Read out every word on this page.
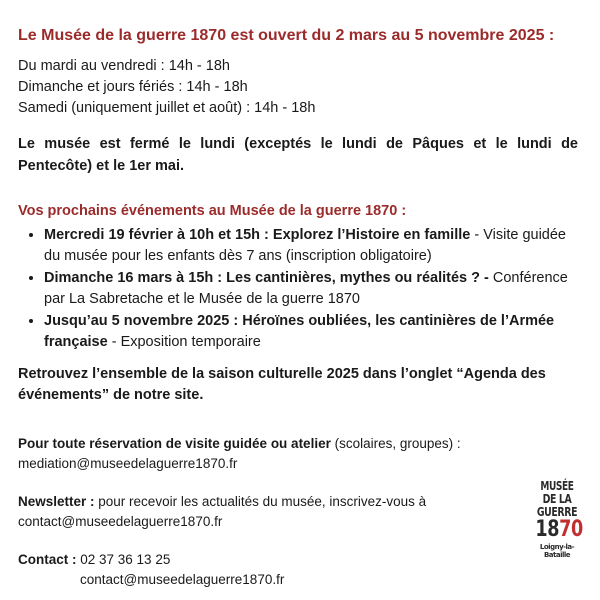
Le Musée de la guerre 1870 est ouvert du 2 mars au 5 novembre 2025 :
Du mardi au vendredi : 14h - 18h
Dimanche et jours fériés : 14h - 18h
Samedi (uniquement juillet et août) : 14h - 18h
Le musée est fermé le lundi (exceptés le lundi de Pâques et le lundi de Pentecôte) et le 1er mai.
Vos prochains événements au Musée de la guerre 1870 :
• Mercredi 19 février à 10h et 15h : Explorez l’Histoire en famille - Visite guidée du musée pour les enfants dès 7 ans (inscription obligatoire)
• Dimanche 16 mars à 15h : Les cantinières, mythes ou réalités ? - Conférence par La Sabretache et le Musée de la guerre 1870
• Jusqu’au 5 novembre 2025 : Héroïnes oubliées, les cantinières de l’Armée française - Exposition temporaire
Retrouvez l’ensemble de la saison culturelle 2025 dans l’onglet “Agenda des événements” de notre site.
Pour toute réservation de visite guidée ou atelier (scolaires, groupes) :
mediation@museedelaguerre1870.fr
Newsletter : pour recevoir les actualités du musée, inscrivez-vous à
contact@museedelaguerre1870.fr
Contact : 02 37 36 13 25

contact@museedelaguerre1870.fr
MUSÉE
DE LA
GUERRE
1870
Loigny-la-Bataille
